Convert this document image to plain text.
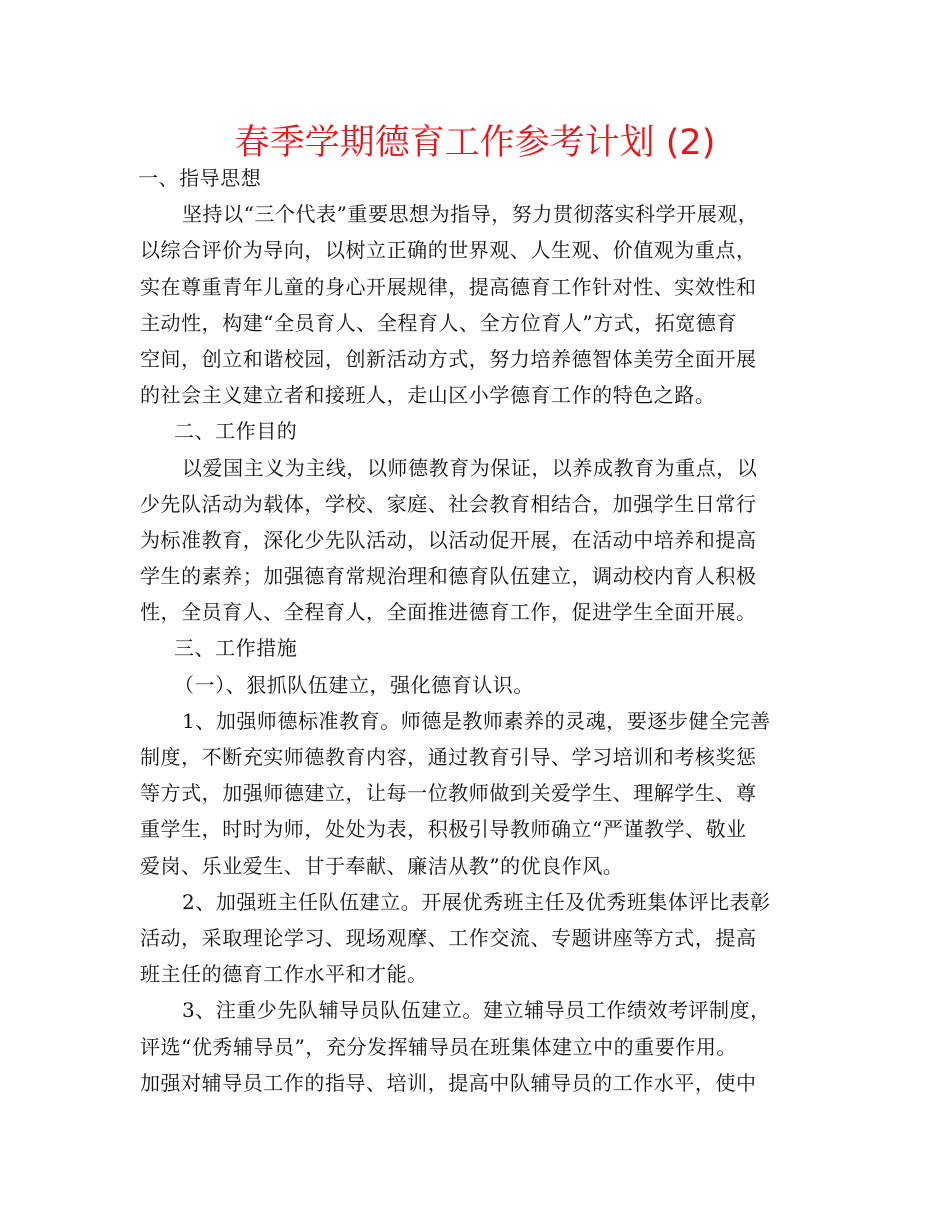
春季学期德育工作参考计划 (2)
一、指导思想
坚持以“三个代表”重要思想为指导，努力贯彻落实科学开展观，
以综合评价为导向，以树立正确的世界观、人生观、价值观为重点，
实在尊重青年儿童的身心开展规律，提高德育工作针对性、实效性和
主动性，构建“全员育人、全程育人、全方位育人”方式，拓宽德育
空间，创立和谐校园，创新活动方式，努力培养德智体美劳全面开展
的社会主义建立者和接班人，走山区小学德育工作的特色之路。
二、工作目的
以爱国主义为主线，以师德教育为保证，以养成教育为重点，以
少先队活动为载体，学校、家庭、社会教育相结合，加强学生日常行
为标准教育，深化少先队活动，以活动促开展，在活动中培养和提高
学生的素养；加强德育常规治理和德育队伍建立，调动校内育人积极
性，全员育人、全程育人，全面推进德育工作，促进学生全面开展。
三、工作措施
（一）、狠抓队伍建立，强化德育认识。
1、加强师德标准教育。师德是教师素养的灵魂，要逐步健全完善
制度，不断充实师德教育内容，通过教育引导、学习培训和考核奖惩
等方式，加强师德建立，让每一位教师做到关爱学生、理解学生、尊
重学生，时时为师，处处为表，积极引导教师确立“严谨教学、敬业
爱岗、乐业爱生、甘于奉献、廉洁从教”的优良作风。
2、加强班主任队伍建立。开展优秀班主任及优秀班集体评比表彰
活动，采取理论学习、现场观摩、工作交流、专题讲座等方式，提高
班主任的德育工作水平和才能。
3、注重少先队辅导员队伍建立。建立辅导员工作绩效考评制度，
评选“优秀辅导员”，充分发挥辅导员在班集体建立中的重要作用。
加强对辅导员工作的指导、培训，提高中队辅导员的工作水平，使中
